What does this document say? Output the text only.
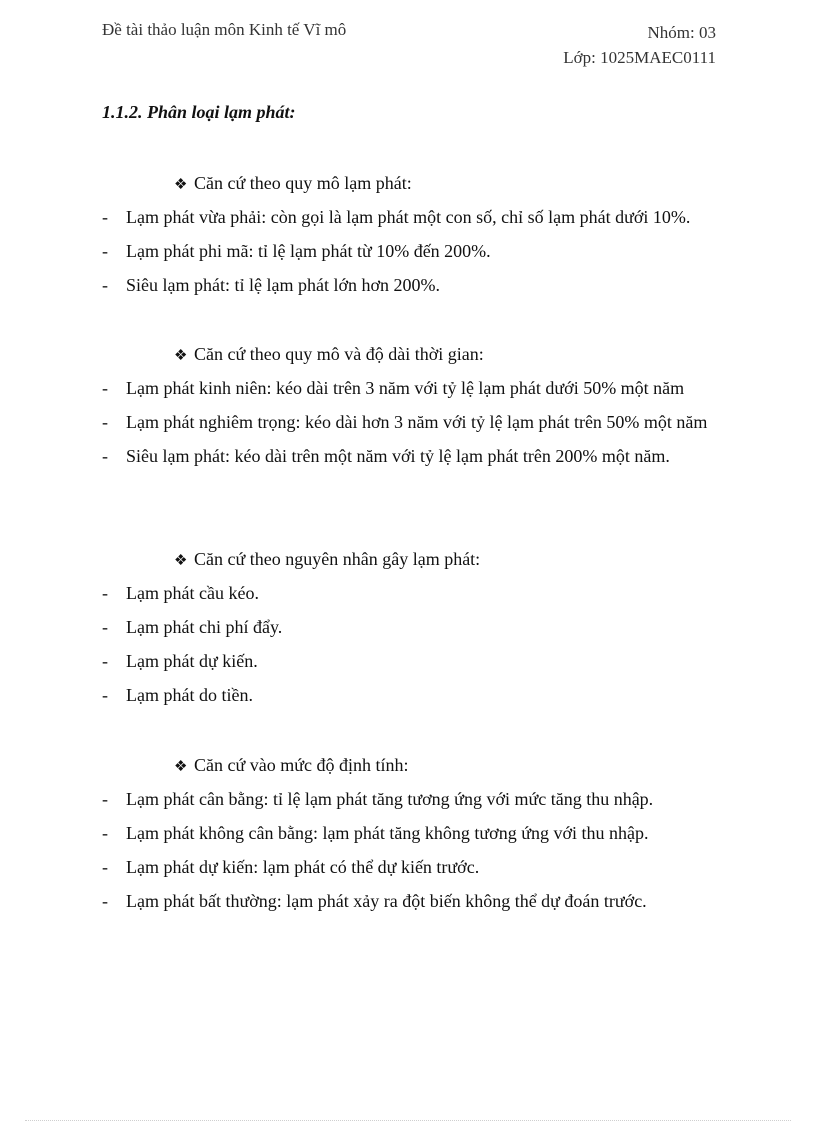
Đề tài thảo luận môn Kinh tế Vĩ mô	Nhóm: 03
Lớp: 1025MAEC0111
1.1.2. Phân loại lạm phát:
❖ Căn cứ theo quy mô lạm phát:
-	Lạm phát vừa phải: còn gọi là lạm phát một con số, chỉ số lạm phát dưới 10%.
-	Lạm phát phi mã: tỉ lệ lạm phát từ 10% đến 200%.
-	Siêu lạm phát: tỉ lệ lạm phát lớn hơn 200%.
❖ Căn cứ theo quy mô và độ dài thời gian:
-	Lạm phát kinh niên: kéo dài trên 3 năm với tỷ lệ lạm phát dưới 50% một năm
-	Lạm phát nghiêm trọng: kéo dài hơn 3 năm với tỷ lệ lạm phát trên 50% một năm
-	Siêu lạm phát: kéo dài trên một năm với tỷ lệ lạm phát trên 200% một năm.
❖ Căn cứ theo nguyên nhân gây lạm phát:
-	Lạm phát cầu kéo.
-	Lạm phát chi phí đẩy.
-	Lạm phát dự kiến.
-	Lạm phát do tiền.
❖ Căn cứ vào mức độ định tính:
-	Lạm phát cân bằng: tỉ lệ lạm phát tăng tương ứng với mức tăng thu nhập.
-	Lạm phát không cân bằng: lạm phát tăng không tương ứng với thu nhập.
-	Lạm phát dự kiến: lạm phát có thể dự kiến trước.
-	Lạm phát bất thường: lạm phát xảy ra đột biến không thể dự đoán trước.
